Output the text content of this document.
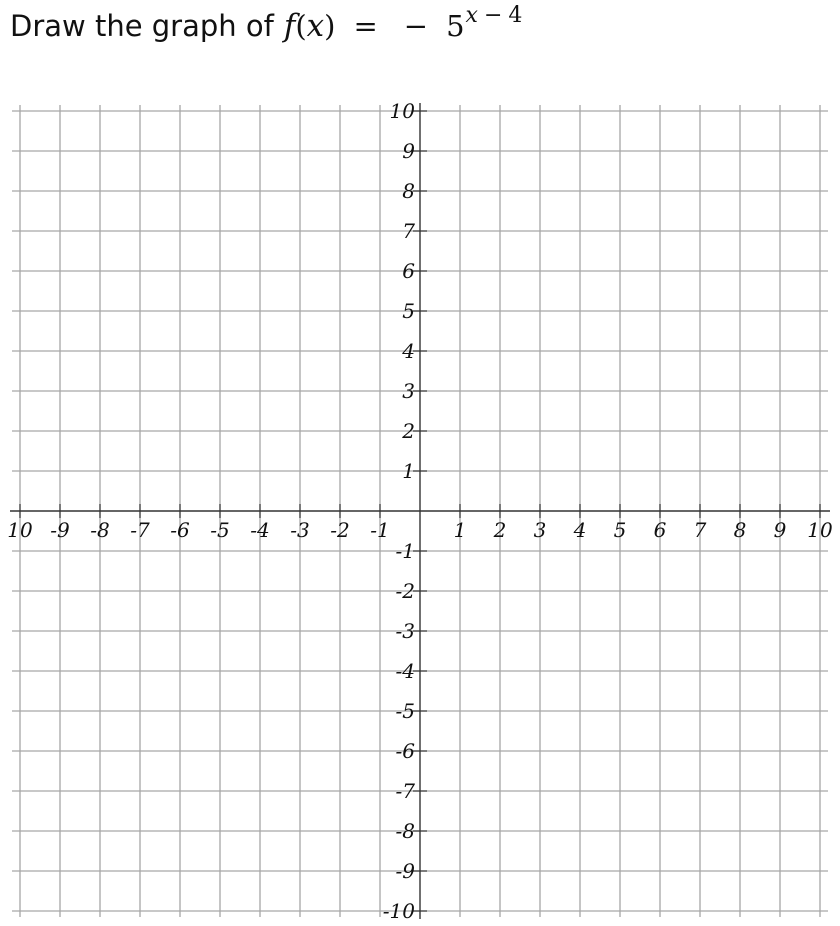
Draw the graph of f ( x ) = − 5 $^{x - 4}$
10 -9 -8 -7 -6 -5 -4 -3 -2 -1	1 2 3 4 5 6 7 8 9 10
10
9
8
7
6
5
4
3
2
1
-1
-2
-3
-4
-5
-6
-7
-8
-9
-10
